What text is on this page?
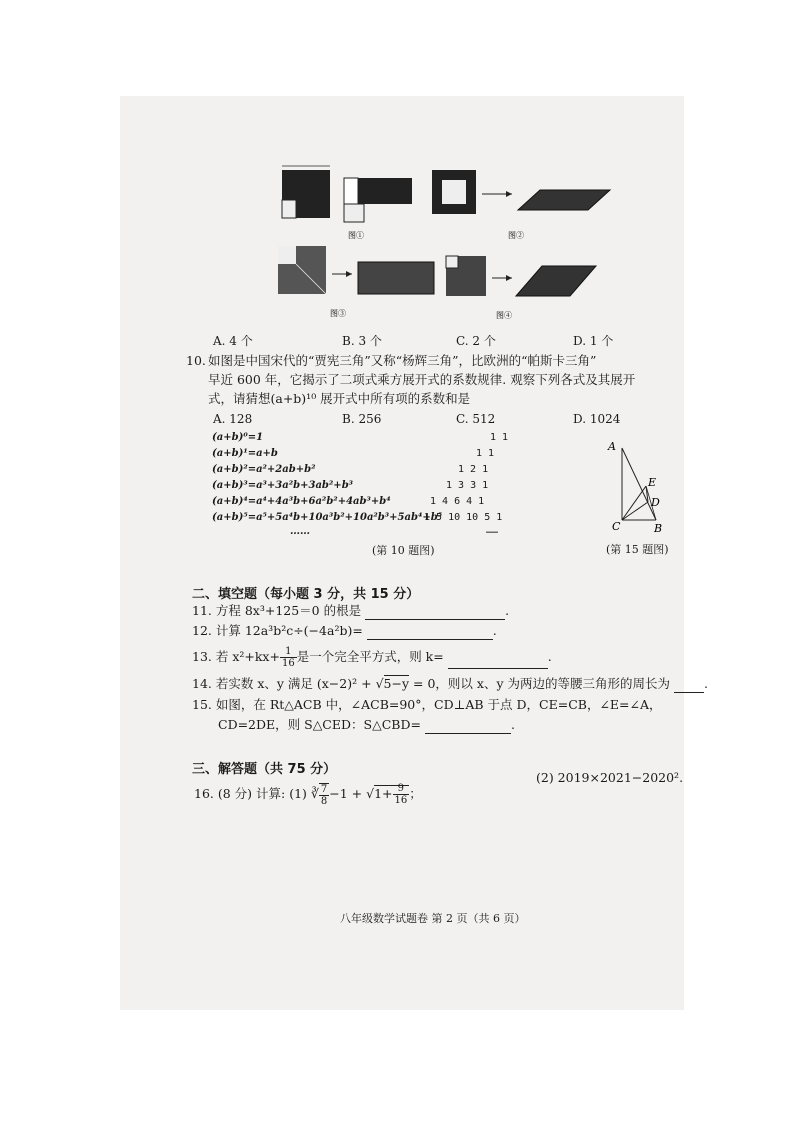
图①	图②
图③	图④
A. 4 个	B. 3 个	C. 2 个	D. 1 个
10. 如图是中国宋代的“贾宪三角”又称“杨辉三角”，比欧洲的“帕斯卡三角”
早近 600 年，它揭示了二项式乘方展开式的系数规律. 观察下列各式及其展开
式，请猜想(a+b)¹⁰ 展开式中所有项的系数和是
A. 128	B. 256	C. 512	D. 1024
(a+b)⁰=1
(a+b)¹=a+b
(a+b)²=a²+2ab+b²
(a+b)³=a³+3a²b+3ab²+b³
(a+b)⁴=a⁴+4a³b+6a²b²+4ab³+b⁴
(a+b)⁵=a⁵+5a⁴b+10a³b²+10a²b³+5ab⁴+b⁵
……
1 1
1 1
1 2 1
1 3 3 1
1 4 6 4 1
1 5 10 10 5 1
……
(第 10 题图)
A
E
D
C	B
(第 15 题图)
二、填空题（每小题 3 分，共 15 分）
11. 方程 8x³+125＝0 的根是	.
12. 计算 12a³b²c÷(−4a²b)=	.
13. 若 $x^2+kx+ \frac{1}{16}$ 是一个完全平方式，则 k=	.
14. 若实数 x、y 满足 (x−2)² + √5−y = 0，则以 x、y 为两边的等腰三角形的周长为	.
15. 如图，在 Rt△ACB 中，∠ACB=90°，CD⊥AB 于点 D，CE=CB，∠E=∠A，
CD=2DE，则 S△CED：S△CBD=	.
三、解答题（共 75 分）
16. (8 分) 计算: (1) ∛ $\frac{7}{8} -1 + √1+ \frac{9}{16}$ ；
(2) 2019×2021−2020².
八年级数学试题卷 第 2 页（共 6 页）
